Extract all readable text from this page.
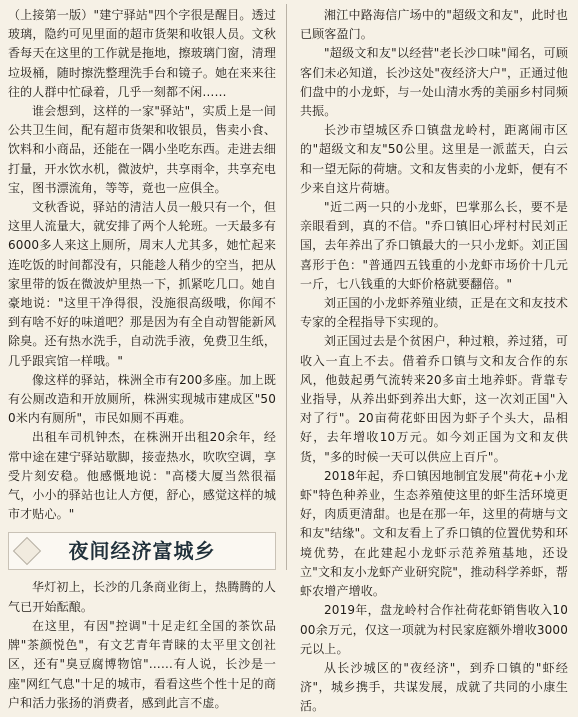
（上接第一版）"建宁驿站"四个字很是醒目。透过玻璃，隐约可见里面的超市货架和收银人员。文秋香每天在这里的工作就是拖地，擦玻璃门窗，清理垃圾桶，随时擦洗整理洗手台和镜子。她在来来往往的人群中忙碌着，几乎一刻都不闲……

谁会想到，这样的一家"驿站"，实质上是一间公共卫生间，配有超市货架和收银员，售卖小食、饮料和小商品，还能在一隅小坐吃东西。走进去细打量，开水饮水机，微波炉，共享雨伞，共享充电宝，图书漂流角，等等，竟也一应俱全。

文秋香说，驿站的清洁人员一般只有一个，但这里人流量大，就安排了两个人轮班。一天最多有6000多人来这上厕所，周末人尤其多，她忙起来连吃饭的时间都没有，只能趁人稍少的空当，把从家里带的饭在微波炉里热一下，抓紧吃几口。她自豪地说："这里干净得很，没施很高级哦，你闻不到有啥不好的味道吧？那是因为有全自动智能新风除臭。还有热水洗手，自动洗手液，免费卫生纸，几乎跟宾馆一样哦。"

像这样的驿站，株洲全市有200多座。加上既有公厕改造和开放厕所，株洲实现城市建成区"500米内有厕所"，市民如厕不再难。

出租车司机钟杰，在株洲开出租20余年，经常中途在建宁驿站歇脚，接壶热水，吹吹空调，享受片刻安稳。他感慨地说："高楼大厦当然很福气，小小的驿站也让人方便，舒心，感觉这样的城市才贴心。"

夜间经济富城乡

华灯初上，长沙的几条商业街上，热腾腾的人气已开始酝酿。

在这里，有因"控调"十足走红全国的茶饮品牌"茶颜悦色"，有文艺青年青睐的太平里文创社区，还有"臭豆腐博物馆"……有人说，长沙是一座"网红气息"十足的城市，看看这些个性十足的商户和活力张扬的消费者，感到此言不虚。

湘江中路海信广场中的"超级文和友"，此时也已顾客盈门。

"超级文和友"以经营"老长沙口味"闻名，可顾客们未必知道，长沙这处"夜经济大户"，正通过他们盘中的小龙虾，与一处山清水秀的美丽乡村同频共振。

长沙市望城区乔口镇盘龙岭村，距离闹市区的"超级文和友"50公里。这里是一派蓝天，白云和一望无际的荷塘。文和友售卖的小龙虾，便有不少来自这片荷塘。

"近二两一只的小龙虾，巴掌那么长，要不是亲眼看到，真的不信。"乔口镇旧心坪村村民刘正国，去年养出了乔口镇最大的一只小龙虾。刘正国喜形于色："普通四五钱重的小龙虾市场价十几元一斤，七八钱重的大虾价格就要翻倍。"

刘正国的小龙虾养殖业绩，正是在文和友技术专家的全程指导下实现的。

刘正国过去是个贫困户，种过粮，养过猪，可收入一直上不去。借着乔口镇与文和友合作的东风，他鼓起勇气流转来20多亩土地养虾。背靠专业指导，从养出虾到养出大虾，这一次刘正国"入对了行"。20亩荷花虾田因为虾子个头大，品相好，去年增收10万元。如今刘正国为文和友供货，"多的时候一天可以供应上百斤"。

2018年起，乔口镇因地制宜发展"荷花+小龙虾"特色种养业，生态养殖使这里的虾生活环境更好，肉质更清甜。也是在那一年，这里的荷塘与文和友"结缘"。文和友看上了乔口镇的位置优势和环境优势，在此建起小龙虾示范养殖基地，还设立"文和友小龙虾产业研究院"，推动科学养虾，帮虾农增产增收。

2019年，盘龙岭村合作社荷花虾销售收入1000余万元，仅这一项就为村民家庭额外增收3000元以上。

从长沙城区的"夜经济"，到乔口镇的"虾经济"，城乡携手，共谋发展，成就了共同的小康生活。
